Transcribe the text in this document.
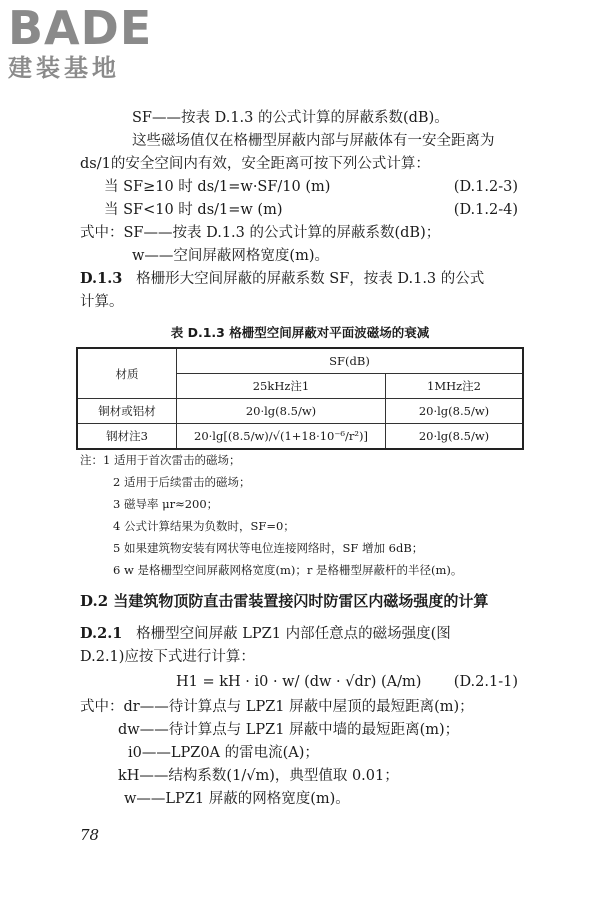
BADE
建装基地
SF——按表 D.1.3 的公式计算的屏蔽系数(dB)。
这些磁场值仅在格栅型屏蔽内部与屏蔽体有一安全距离为
ds/1的安全空间内有效，安全距离可按下列公式计算：
当 SF≥10 时 ds/1=w·SF/10 (m)	(D.1.2-3)
当 SF<10 时 ds/1=w (m)	(D.1.2-4)
式中：SF——按表 D.1.3 的公式计算的屏蔽系数(dB)；
w——空间屏蔽网格宽度(m)。
D.1.3 格栅形大空间屏蔽的屏蔽系数 SF，按表 D.1.3 的公式
计算。
表 D.1.3 格栅型空间屏蔽对平面波磁场的衰减
材质	SF(dB)	
	25kHz注1	1MHz注2
铜材或铝材	20·lg(8.5/w)	20·lg(8.5/w)
钢材注3	20·lg[(8.5/w)/√(1+18·10⁻⁶/r²)]	20·lg(8.5/w)
注：1 适用于首次雷击的磁场；
2 适用于后续雷击的磁场；
3 磁导率 μr≈200；
4 公式计算结果为负数时，SF=0；
5 如果建筑物安装有网状等电位连接网络时，SF 增加 6dB；
6 w 是格栅型空间屏蔽网格宽度(m)；r 是格栅型屏蔽杆的半径(m)。
D.2 当建筑物顶防直击雷装置接闪时防雷区内磁场强度的计算
D.2.1 格栅型空间屏蔽 LPZ1 内部任意点的磁场强度(图
D.2.1)应按下式进行计算：
H1 = kH · i0 · w/ (dw · √dr) (A/m) (D.2.1-1)
式中：dr——待计算点与 LPZ1 屏蔽中屋顶的最短距离(m)；
dw——待计算点与 LPZ1 屏蔽中墙的最短距离(m)；
i0——LPZ0A 的雷电流(A)；
kH——结构系数(1/√m)，典型值取 0.01；
w——LPZ1 屏蔽的网格宽度(m)。
78
